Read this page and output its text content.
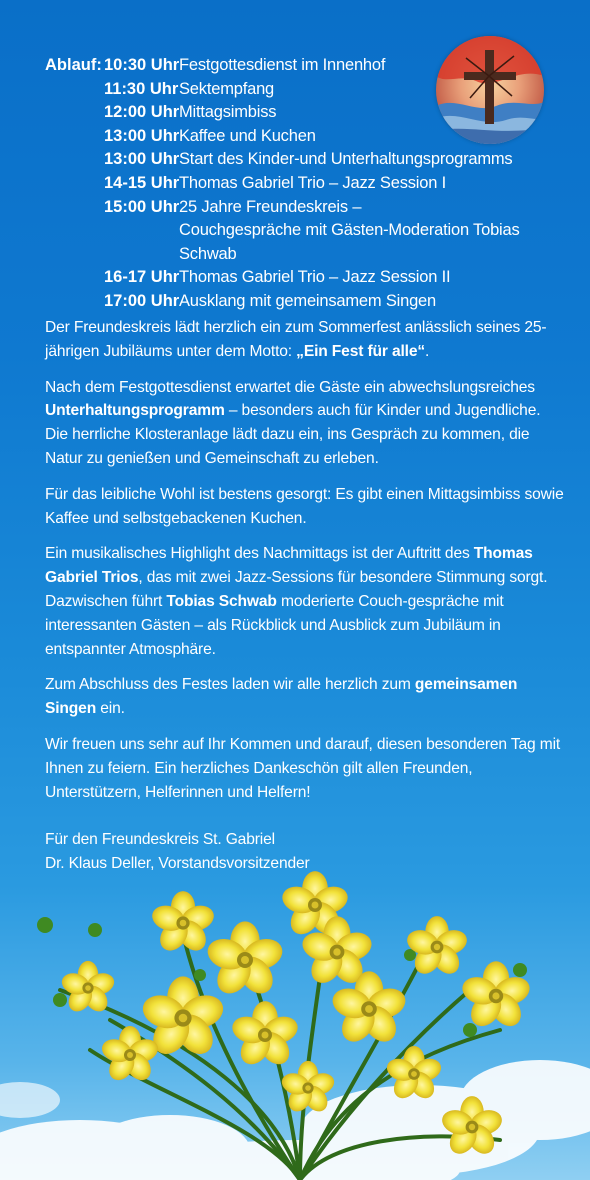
Ablauf: 10:30 Uhr Festgottesdienst im Innenhof
11:30 Uhr Sektempfang
12:00 Uhr Mittagsimbiss
13:00 Uhr Kaffee und Kuchen
13:00 Uhr Start des Kinder-und Unterhaltungsprogramms
14-15 Uhr Thomas Gabriel Trio – Jazz Session I
15:00 Uhr 25 Jahre Freundeskreis –
Couchgespräche mit Gästen-Moderation Tobias Schwab
16-17 Uhr Thomas Gabriel Trio – Jazz Session II
17:00 Uhr Ausklang mit gemeinsamem Singen

Der Freundeskreis lädt herzlich ein zum Sommerfest anlässlich seines 25-jährigen Jubiläums unter dem Motto: „Ein Fest für alle“.

Nach dem Festgottesdienst erwartet die Gäste ein abwechslungsreiches Unterhaltungsprogramm – besonders auch für Kinder und Jugendliche. Die herrliche Klosteranlage lädt dazu ein, ins Gespräch zu kommen, die Natur zu genießen und Gemeinschaft zu erleben.

Für das leibliche Wohl ist bestens gesorgt: Es gibt einen Mittagsimbiss sowie Kaffee und selbstgebackenen Kuchen.

Ein musikalisches Highlight des Nachmittags ist der Auftritt des Thomas Gabriel Trios, das mit zwei Jazz-Sessions für besondere Stimmung sorgt. Dazwischen führt Tobias Schwab moderierte Couch-gespräche mit interessanten Gästen – als Rückblick und Ausblick zum Jubiläum in entspannter Atmosphäre.

Zum Abschluss des Festes laden wir alle herzlich zum gemeinsamen Singen ein.

Wir freuen uns sehr auf Ihr Kommen und darauf, diesen besonderen Tag mit Ihnen zu feiern. Ein herzliches Dankeschön gilt allen Freunden, Unterstützern, Helferinnen und Helfern!

Für den Freundeskreis St. Gabriel
Dr. Klaus Deller, Vorstandsvorsitzender
